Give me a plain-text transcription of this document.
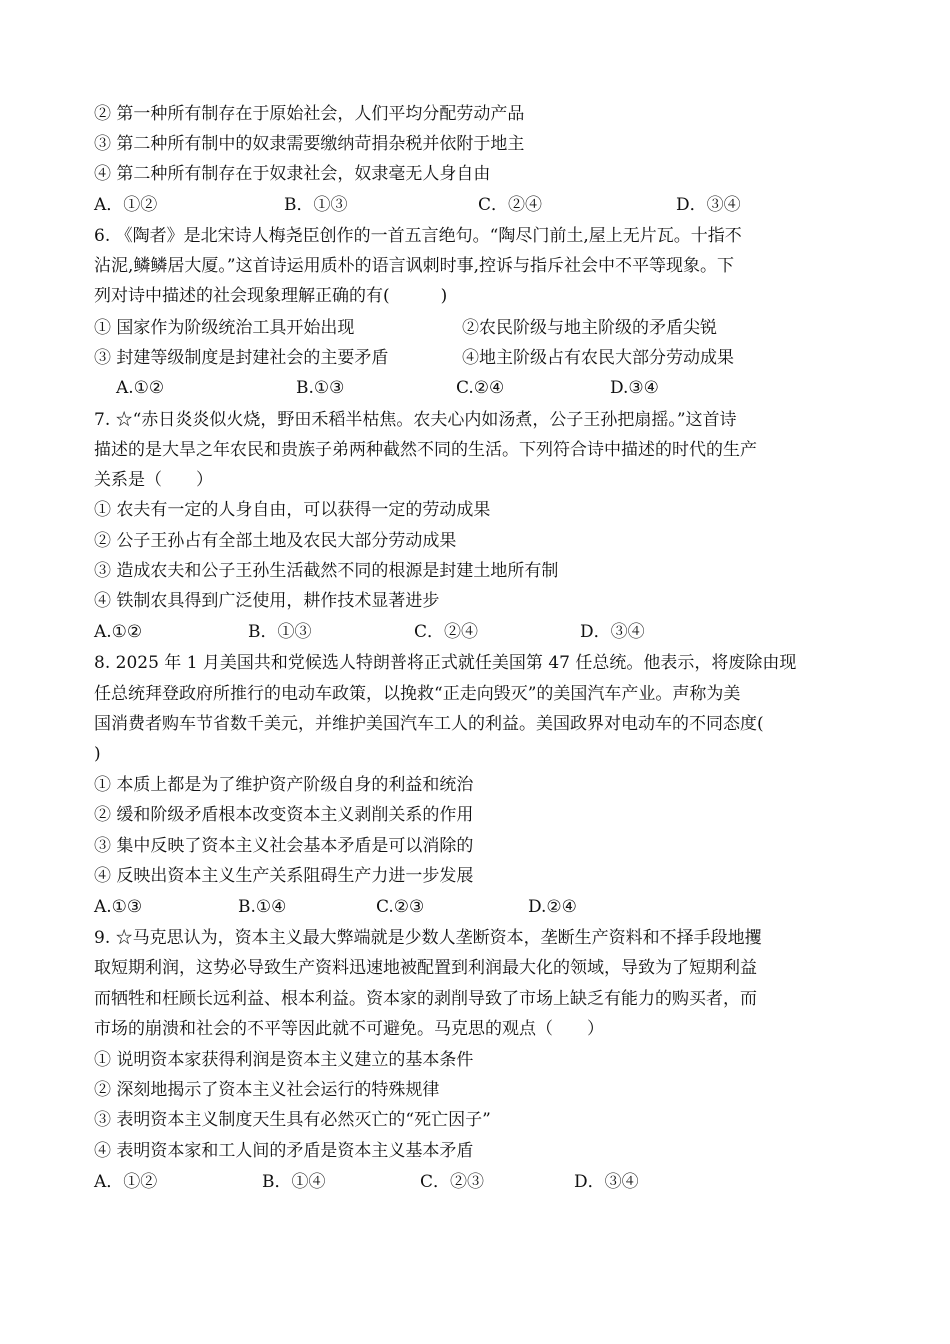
② 第一种所有制存在于原始社会，人们平均分配劳动产品
③ 第二种所有制中的奴隶需要缴纳苛捐杂税并依附于地主
④ 第二种所有制存在于奴隶社会，奴隶毫无人身自由
A．①②	B．①③	C．②④	D．③④
6. 《陶者》是北宋诗人梅尧臣创作的一首五言绝句。“陶尽门前土,屋上无片瓦。十指不
沾泥,鳞鳞居大厦。”这首诗运用质朴的语言讽刺时事,控诉与指斥社会中不平等现象。下
列对诗中描述的社会现象理解正确的有(　　　)
① 国家作为阶级统治工具开始出现	②农民阶级与地主阶级的矛盾尖锐
③ 封建等级制度是封建社会的主要矛盾	④地主阶级占有农民大部分劳动成果
A.①②	B.①③	C.②④	D.③④
7. ☆“赤日炎炎似火烧，野田禾稻半枯焦。农夫心内如汤煮，公子王孙把扇摇。”这首诗
描述的是大旱之年农民和贵族子弟两种截然不同的生活。下列符合诗中描述的时代的生产
关系是（　　）
① 农夫有一定的人身自由，可以获得一定的劳动成果
② 公子王孙占有全部土地及农民大部分劳动成果
③ 造成农夫和公子王孙生活截然不同的根源是封建土地所有制
④ 铁制农具得到广泛使用，耕作技术显著进步
A.①②	B．①③	C．②④	D．③④
8. 2025 年 1 月美国共和党候选人特朗普将正式就任美国第 47 任总统。他表示，将废除由现
任总统拜登政府所推行的电动车政策，以挽救“正走向毁灭”的美国汽车产业。声称为美
国消费者购车节省数千美元，并维护美国汽车工人的利益。美国政界对电动车的不同态度(
)
① 本质上都是为了维护资产阶级自身的利益和统治
② 缓和阶级矛盾根本改变资本主义剥削关系的作用
③ 集中反映了资本主义社会基本矛盾是可以消除的
④ 反映出资本主义生产关系阻碍生产力进一步发展
A.①③	B.①④	C.②③	D.②④
9. ☆马克思认为，资本主义最大弊端就是少数人垄断资本，垄断生产资料和不择手段地攫
取短期利润，这势必导致生产资料迅速地被配置到利润最大化的领域，导致为了短期利益
而牺牲和枉顾长远利益、根本利益。资本家的剥削导致了市场上缺乏有能力的购买者，而
市场的崩溃和社会的不平等因此就不可避免。马克思的观点（　　）
① 说明资本家获得利润是资本主义建立的基本条件
② 深刻地揭示了资本主义社会运行的特殊规律
③ 表明资本主义制度天生具有必然灭亡的“死亡因子”
④ 表明资本家和工人间的矛盾是资本主义基本矛盾
A．①②	B．①④	C．②③	D．③④
